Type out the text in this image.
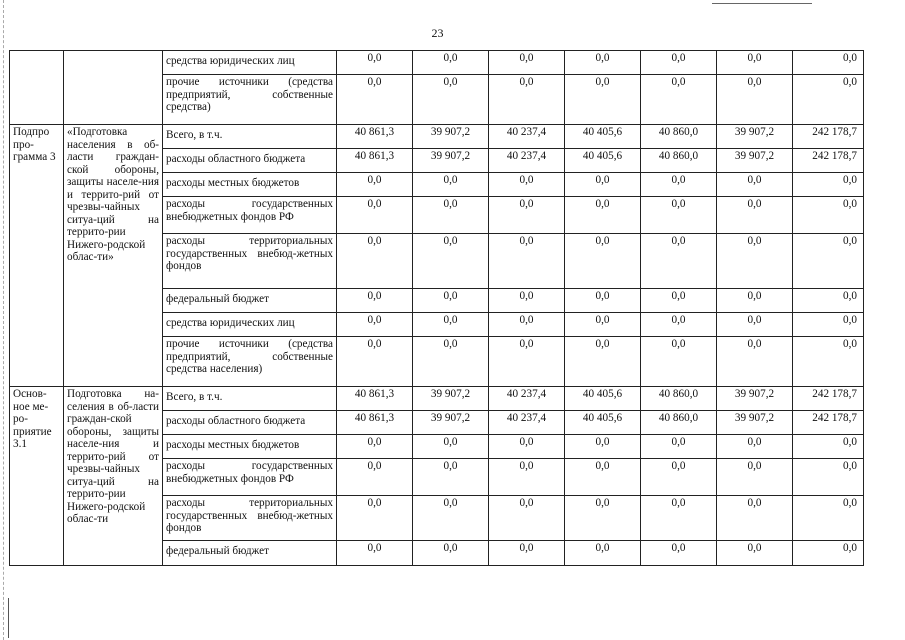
23
		средства юридических лиц	0,0	0,0	0,0	0,0	0,0	0,0	0,0
		прочие источники (средства предприятий, собственные средства)	0,0	0,0	0,0	0,0	0,0	0,0	0,0
Подпро про-грамма 3	«Подготовка населения в об-ласти граждан-ской обороны, защиты населе-ния и террито-рий от чрезвы-чайных ситуа-ций на террито-рии Нижего-родской облас-ти»	Всего, в т.ч.	40 861,3	39 907,2	40 237,4	40 405,6	40 860,0	39 907,2	242 178,7
		расходы областного бюджета	40 861,3	39 907,2	40 237,4	40 405,6	40 860,0	39 907,2	242 178,7
		расходы местных бюджетов	0,0	0,0	0,0	0,0	0,0	0,0	0,0
		расходы государственных внебюджетных фондов РФ	0,0	0,0	0,0	0,0	0,0	0,0	0,0
		расходы территориальных государственных внебюд-жетных фондов	0,0	0,0	0,0	0,0	0,0	0,0	0,0
		федеральный бюджет	0,0	0,0	0,0	0,0	0,0	0,0	0,0
		средства юридических лиц	0,0	0,0	0,0	0,0	0,0	0,0	0,0
		прочие источники (средства предприятий, собственные средства населения)	0,0	0,0	0,0	0,0	0,0	0,0	0,0
Основ-ное ме-ро-приятие 3.1	Подготовка на-селения в об-ласти граждан-ской обороны, защиты населе-ния и террито-рий от чрезвы-чайных ситуа-ций на террито-рии Нижего-родской облас-ти	Всего, в т.ч.	40 861,3	39 907,2	40 237,4	40 405,6	40 860,0	39 907,2	242 178,7
		расходы областного бюджета	40 861,3	39 907,2	40 237,4	40 405,6	40 860,0	39 907,2	242 178,7
		расходы местных бюджетов	0,0	0,0	0,0	0,0	0,0	0,0	0,0
		расходы государственных внебюджетных фондов РФ	0,0	0,0	0,0	0,0	0,0	0,0	0,0
		расходы территориальных государственных внебюд-жетных фондов	0,0	0,0	0,0	0,0	0,0	0,0	0,0
		федеральный бюджет	0,0	0,0	0,0	0,0	0,0	0,0	0,0
